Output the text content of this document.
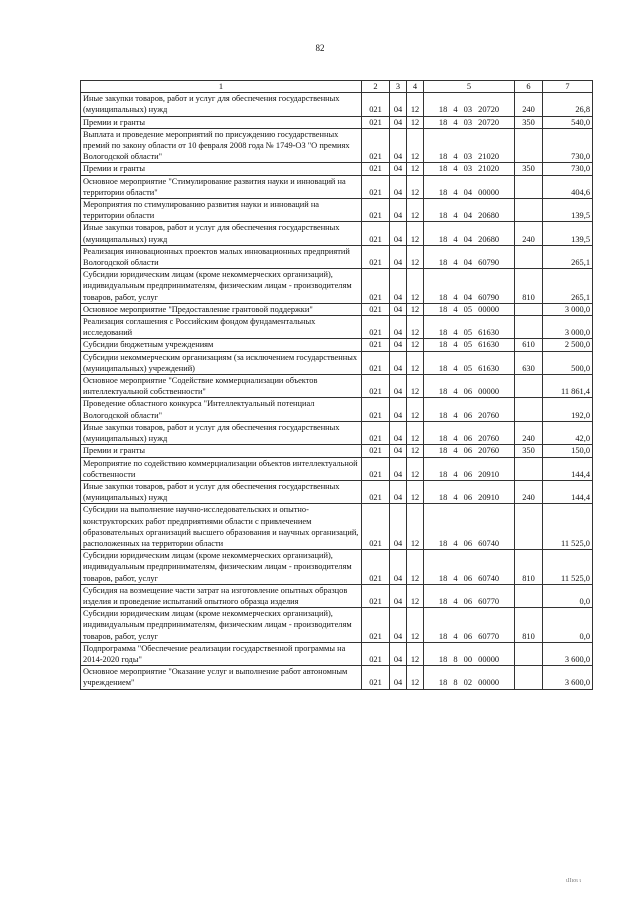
82
1	2	3	4	5	6	7
Иные закупки товаров, работ и услуг для обеспечения государственных (муниципальных) нужд	021	04	12	18 4 03 20720	240	26,8
Премии и гранты	021	04	12	18 4 03 20720	350	540,0
Выплата и проведение мероприятий по присуждению государственных премий по закону области от 10 февраля 2008 года № 1749-ОЗ "О премиях Вологодской области"	021	04	12	18 4 03 21020		730,0
Премии и гранты	021	04	12	18 4 03 21020	350	730,0
Основное мероприятие "Стимулирование развития науки и инноваций на территории области"	021	04	12	18 4 04 00000		404,6
Мероприятия по стимулированию развития науки и инноваций на территории области	021	04	12	18 4 04 20680		139,5
Иные закупки товаров, работ и услуг для обеспечения государственных (муниципальных) нужд	021	04	12	18 4 04 20680	240	139,5
Реализация инновационных проектов малых инновационных предприятий Вологодской области	021	04	12	18 4 04 60790		265,1
Субсидии юридическим лицам (кроме некоммерческих организаций), индивидуальным предпринимателям, физическим лицам - производителям товаров, работ, услуг	021	04	12	18 4 04 60790	810	265,1
Основное мероприятие "Предоставление грантовой поддержки"	021	04	12	18 4 05 00000		3 000,0
Реализация соглашения с Российским фондом фундаментальных исследований	021	04	12	18 4 05 61630		3 000,0
Субсидии бюджетным учреждениям	021	04	12	18 4 05 61630	610	2 500,0
Субсидии некоммерческим организациям (за исключением государственных (муниципальных) учреждений)	021	04	12	18 4 05 61630	630	500,0
Основное мероприятие "Содействие коммерциализации объектов интеллектуальной собственности"	021	04	12	18 4 06 00000		11 861,4
Проведение областного конкурса "Интеллектуальный потенциал Вологодской области"	021	04	12	18 4 06 20760		192,0
Иные закупки товаров, работ и услуг для обеспечения государственных (муниципальных) нужд	021	04	12	18 4 06 20760	240	42,0
Премии и гранты	021	04	12	18 4 06 20760	350	150,0
Мероприятие по содействию коммерциализации объектов интеллектуальной собственности	021	04	12	18 4 06 20910		144,4
Иные закупки товаров, работ и услуг для обеспечения государственных (муниципальных) нужд	021	04	12	18 4 06 20910	240	144,4
Субсидии на выполнение научно-исследовательских и опытно-конструкторских работ предприятиями области с привлечением образовательных организаций высшего образования и научных организаций, расположенных на территории области	021	04	12	18 4 06 60740		11 525,0
Субсидии юридическим лицам (кроме некоммерческих организаций), индивидуальным предпринимателям, физическим лицам - производителям товаров, работ, услуг	021	04	12	18 4 06 60740	810	11 525,0
Субсидия на возмещение части затрат на изготовление опытных образцов изделия и проведение испытаний опытного образца изделия	021	04	12	18 4 06 60770		0,0
Субсидии юридическим лицам (кроме некоммерческих организаций), индивидуальным предпринимателям, физическим лицам - производителям товаров, работ, услуг	021	04	12	18 4 06 60770	810	0,0
Подпрограмма "Обеспечение реализации государственной программы на 2014-2020 годы"	021	04	12	18 8 00 00000		3 600,0
Основное мероприятие "Оказание услуг и выполнение работ автономным учреждением"	021	04	12	18 8 02 00000		3 600,0
ιΙΙιοι ι
